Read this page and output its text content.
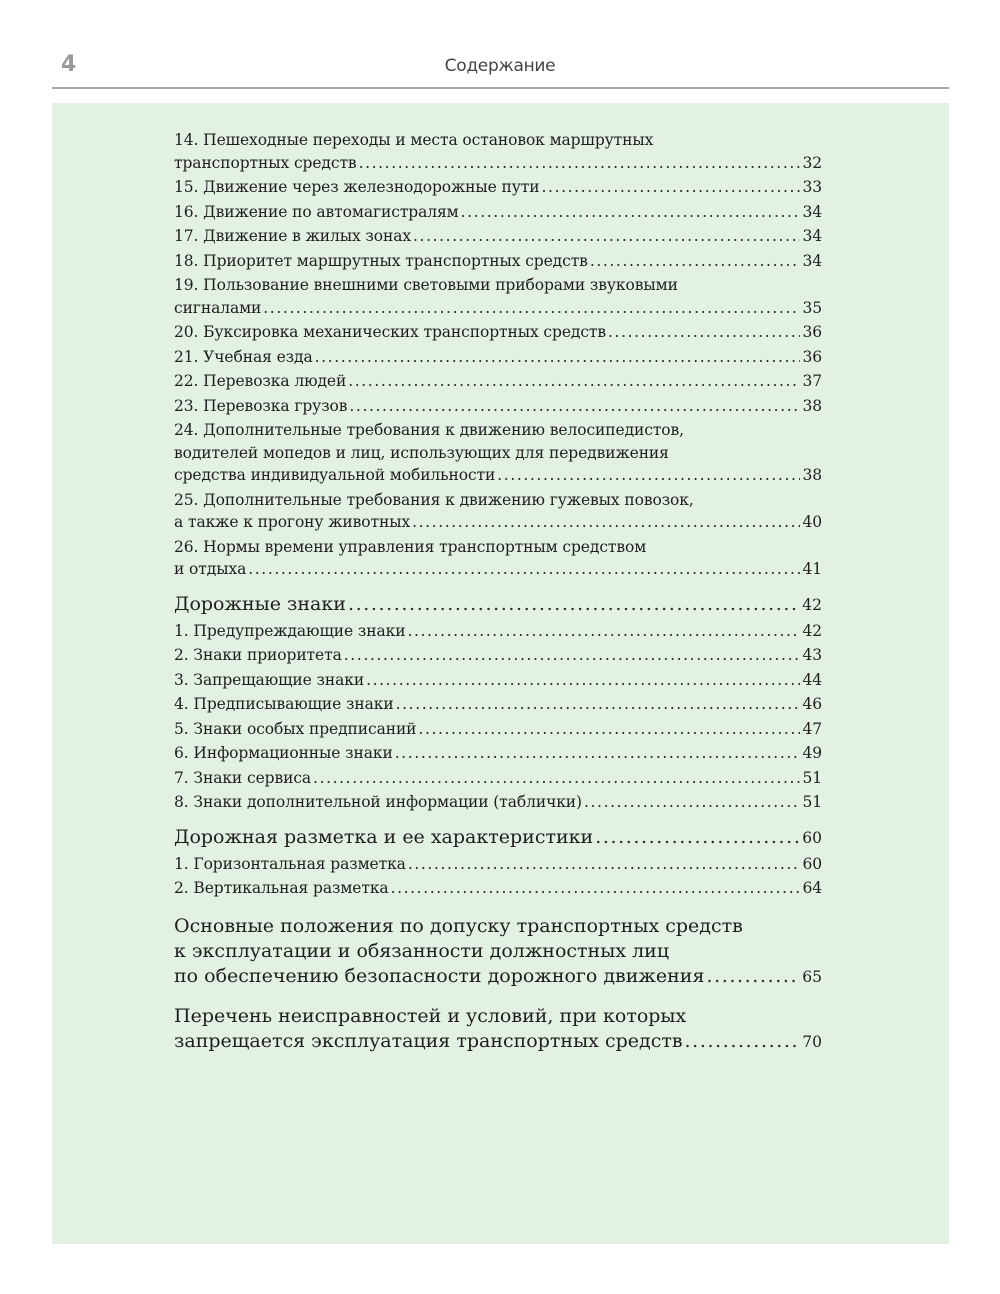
4	Содержание
14. Пешеходные переходы и места остановок маршрутных
транспортных средств .....	32
15. Движение через железнодорожные пути .....	33
16. Движение по автомагистралям .....	34
17. Движение в жилых зонах .....	34
18. Приоритет маршрутных транспортных средств .....	34
19. Пользование внешними световыми приборами звуковыми
сигналами .....	35
20. Буксировка механических транспортных средств .....	36
21. Учебная езда .....	36
22. Перевозка людей .....	37
23. Перевозка грузов .....	38
24. Дополнительные требования к движению велосипедистов,
водителей мопедов и лиц, использующих для передвижения
средства индивидуальной мобильности .....	38
25. Дополнительные требования к движению гужевых повозок,
а также к прогону животных .....	40
26. Нормы времени управления транспортным средством
и отдыха .....	41
Дорожные знаки .....	42
1. Предупреждающие знаки .....	42
2. Знаки приоритета .....	43
3. Запрещающие знаки .....	44
4. Предписывающие знаки .....	46
5. Знаки особых предписаний .....	47
6. Информационные знаки .....	49
7. Знаки сервиса .....	51
8. Знаки дополнительной информации (таблички) .....	51
Дорожная разметка и ее характеристики .....	60
1. Горизонтальная разметка .....	60
2. Вертикальная разметка .....	64
Основные положения по допуску транспортных средств
к эксплуатации и обязанности должностных лиц
по обеспечению безопасности дорожного движения .....	65
Перечень неисправностей и условий, при которых
запрещается эксплуатация транспортных средств .....	70
